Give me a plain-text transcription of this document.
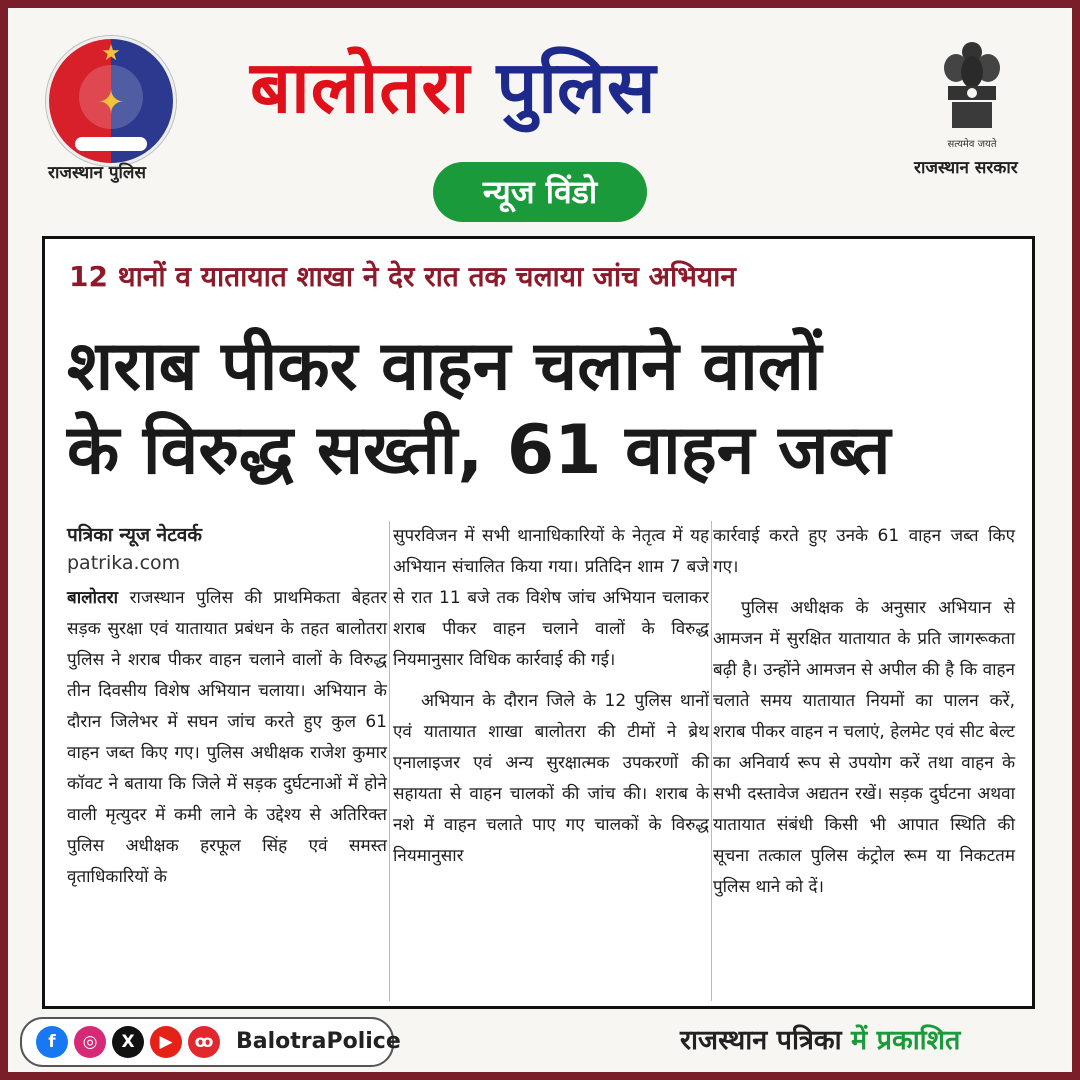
★
✦
राजस्थान पुलिस
बालोतरा पुलिस
न्यूज विंडो
सत्यमेव जयते
राजस्थान सरकार
12 थानों व यातायात शाखा ने देर रात तक चलाया जांच अभियान
शराब पीकर वाहन चलाने वालों
के विरुद्ध सख्ती, 61 वाहन जब्त
पत्रिका न्यूज नेटवर्क
patrika.com
बालोतरा राजस्थान पुलिस की प्राथमिकता बेहतर सड़क सुरक्षा एवं यातायात प्रबंधन के तहत बालोतरा पुलिस ने शराब पीकर वाहन चलाने वालों के विरुद्ध तीन दिवसीय विशेष अभियान चलाया। अभियान के दौरान जिलेभर में सघन जांच करते हुए कुल 61 वाहन जब्त किए गए। पुलिस अधीक्षक राजेश कुमार कॉवट ने बताया कि जिले में सड़क दुर्घटनाओं में होने वाली मृत्युदर में कमी लाने के उद्देश्य से अतिरिक्त पुलिस अधीक्षक हरफूल सिंह एवं समस्त वृताधिकारियों के
सुपरविजन में सभी थानाधिकारियों के नेतृत्व में यह अभियान संचालित किया गया। प्रतिदिन शाम 7 बजे से रात 11 बजे तक विशेष जांच अभियान चलाकर शराब पीकर वाहन चलाने वालों के विरुद्ध नियमानुसार विधिक कार्रवाई की गई।
अभियान के दौरान जिले के 12 पुलिस थानों एवं यातायात शाखा बालोतरा की टीमों ने ब्रेथ एनालाइजर एवं अन्य सुरक्षात्मक उपकरणों की सहायता से वाहन चालकों की जांच की। शराब के नशे में वाहन चलाते पाए गए चालकों के विरुद्ध नियमानुसार
कार्रवाई करते हुए उनके 61 वाहन जब्त किए गए।
पुलिस अधीक्षक के अनुसार अभियान से आमजन में सुरक्षित यातायात के प्रति जागरूकता बढ़ी है। उन्होंने आमजन से अपील की है कि वाहन चलाते समय यातायात नियमों का पालन करें, शराब पीकर वाहन न चलाएं, हेलमेट एवं सीट बेल्ट का अनिवार्य रूप से उपयोग करें तथा वाहन के सभी दस्तावेज अद्यतन रखें। सड़क दुर्घटना अथवा यातायात संबंधी किसी भी आपात स्थिति की सूचना तत्काल पुलिस कंट्रोल रूम या निकटतम पुलिस थाने को दें।
f	◎	X	▶	ꝏ BalotraPolice	राजस्थान पत्रिका में प्रकाशित
